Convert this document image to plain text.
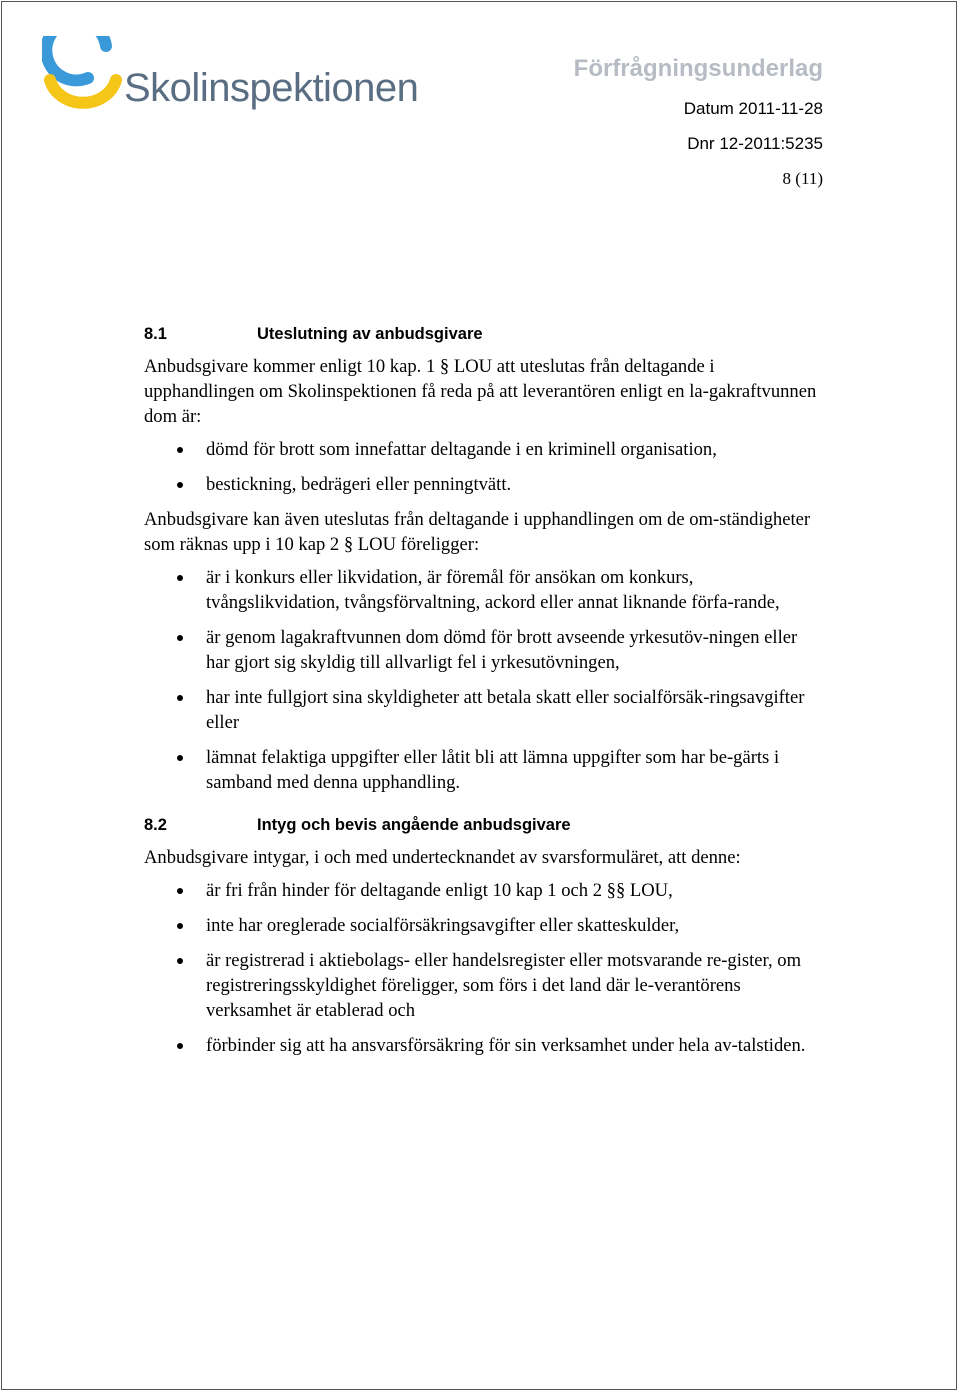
Skolinspektionen	Förfrågningsunderlag
Datum 2011-11-28
Dnr 12-2011:5235
8 (11)
8.1	Uteslutning av anbudsgivare

Anbudsgivare kommer enligt 10 kap. 1 § LOU att uteslutas från deltagande i upphandlingen om Skolinspektionen få reda på att leverantören enligt en la-gakraftvunnen dom är:

dömd för brott som innefattar deltagande i en kriminell organisation,
bestickning, bedrägeri eller penningtvätt.

Anbudsgivare kan även uteslutas från deltagande i upphandlingen om de om-ständigheter som räknas upp i 10 kap 2 § LOU föreligger:

är i konkurs eller likvidation, är föremål för ansökan om konkurs, tvångslikvidation, tvångsförvaltning, ackord eller annat liknande förfa-rande,
är genom lagakraftvunnen dom dömd för brott avseende yrkesutöv-ningen eller har gjort sig skyldig till allvarligt fel i yrkesutövningen,
har inte fullgjort sina skyldigheter att betala skatt eller socialförsäk-ringsavgifter eller
lämnat felaktiga uppgifter eller låtit bli att lämna uppgifter som har be-gärts i samband med denna upphandling.
8.2	Intyg och bevis angående anbudsgivare

Anbudsgivare intygar, i och med undertecknandet av svarsformuläret, att denne:

är fri från hinder för deltagande enligt 10 kap 1 och 2 §§ LOU,
inte har oreglerade socialförsäkringsavgifter eller skatteskulder,
är registrerad i aktiebolags- eller handelsregister eller motsvarande re-gister, om registreringsskyldighet föreligger, som förs i det land där le-verantörens verksamhet är etablerad och
förbinder sig att ha ansvarsförsäkring för sin verksamhet under hela av-talstiden.
